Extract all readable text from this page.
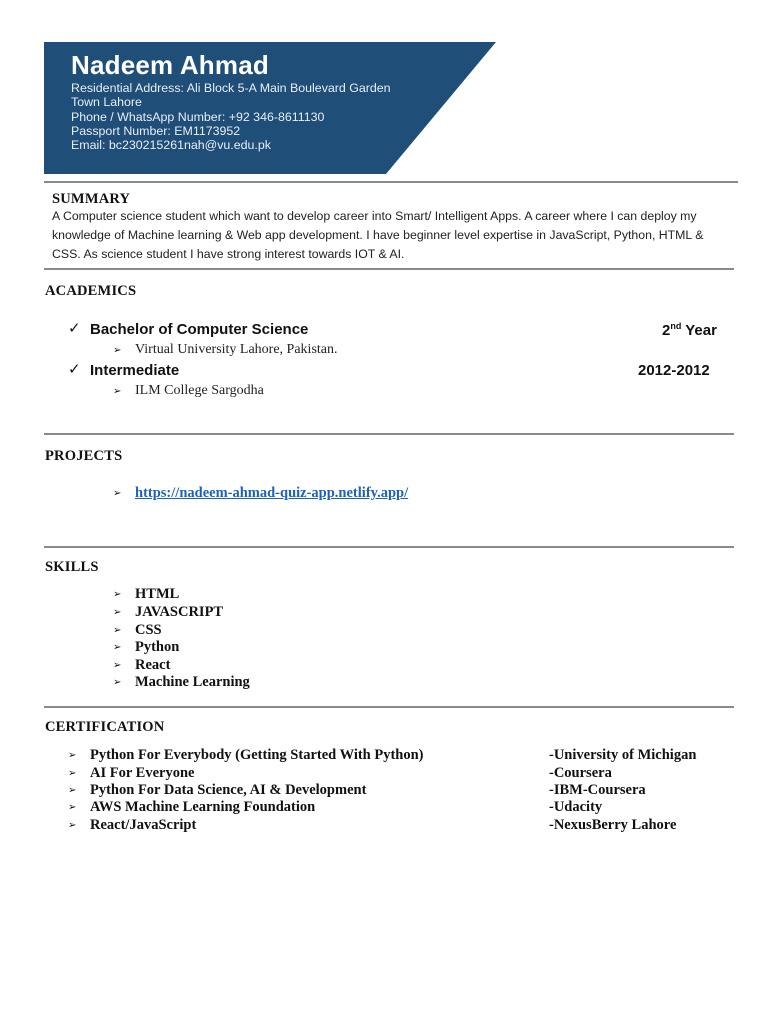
Nadeem Ahmad
Residential Address: Ali Block 5-A Main Boulevard Garden
Town Lahore
Phone / WhatsApp Number: +92 346-8611130
Passport Number: EM1173952
Email: bc230215261nah@vu.edu.pk
SUMMARY
A Computer science student which want to develop career into Smart/ Intelligent Apps. A career where I can deploy my
knowledge of Machine learning & Web app development. I have beginner level expertise in JavaScript, Python, HTML &
CSS. As science student I have strong interest towards IOT & AI.
ACADEMICS
✓ Bachelor of Computer Science	2nd Year
➢ Virtual University Lahore, Pakistan.
✓ Intermediate	2012-2012
➢ ILM College Sargodha
PROJECTS
➢ https://nadeem-ahmad-quiz-app.netlify.app/
SKILLS
➢ HTML
➢ JAVASCRIPT
➢ CSS
➢ Python
➢ React
➢ Machine Learning
CERTIFICATION
➢ Python For Everybody (Getting Started With Python)	-University of Michigan
➢ AI For Everyone	-Coursera
➢ Python For Data Science, AI & Development	-IBM-Coursera
➢ AWS Machine Learning Foundation	-Udacity
➢ React/JavaScript	-NexusBerry Lahore
